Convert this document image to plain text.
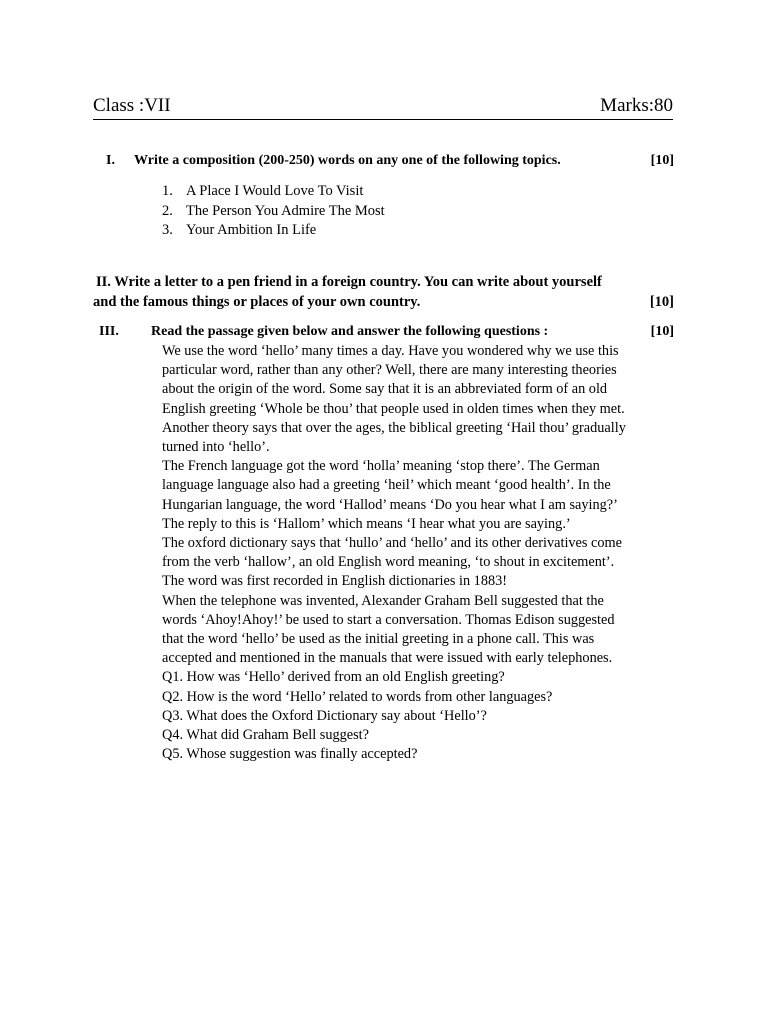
Class :VII	Marks:80
I. Write a composition (200-250) words on any one of the following topics.	[10]
1. A Place I Would Love To Visit
2. The Person You Admire The Most
3. Your Ambition In Life
II. Write a letter to a pen friend in a foreign country. You can write about yourself
and the famous things or places of your own country.	[10]
III. Read the passage given below and answer the following questions :	[10]
We use the word ‘hello’ many times a day. Have you wondered why we use this
particular word, rather than any other? Well, there are many interesting theories
about the origin of the word. Some say that it is an abbreviated form of an old
English greeting ‘Whole be thou’ that people used in olden times when they met.
Another theory says that over the ages, the biblical greeting ‘Hail thou’ gradually
turned into ‘hello’.
The French language got the word ‘holla’ meaning ‘stop there’. The German
language language also had a greeting ‘heil’ which meant ‘good health’. In the
Hungarian language, the word ‘Hallod’ means ‘Do you hear what I am saying?’
The reply to this is ‘Hallom’ which means ‘I hear what you are saying.’
The oxford dictionary says that ‘hullo’ and ‘hello’ and its other derivatives come
from the verb ‘hallow’, an old English word meaning, ‘to shout in excitement’.
The word was first recorded in English dictionaries in 1883!
When the telephone was invented, Alexander Graham Bell suggested that the
words ‘Ahoy!Ahoy!’ be used to start a conversation. Thomas Edison suggested
that the word ‘hello’ be used as the initial greeting in a phone call. This was
accepted and mentioned in the manuals that were issued with early telephones.
Q1. How was ‘Hello’ derived from an old English greeting?
Q2. How is the word ‘Hello’ related to words from other languages?
Q3. What does the Oxford Dictionary say about ‘Hello’?
Q4. What did Graham Bell suggest?
Q5. Whose suggestion was finally accepted?
